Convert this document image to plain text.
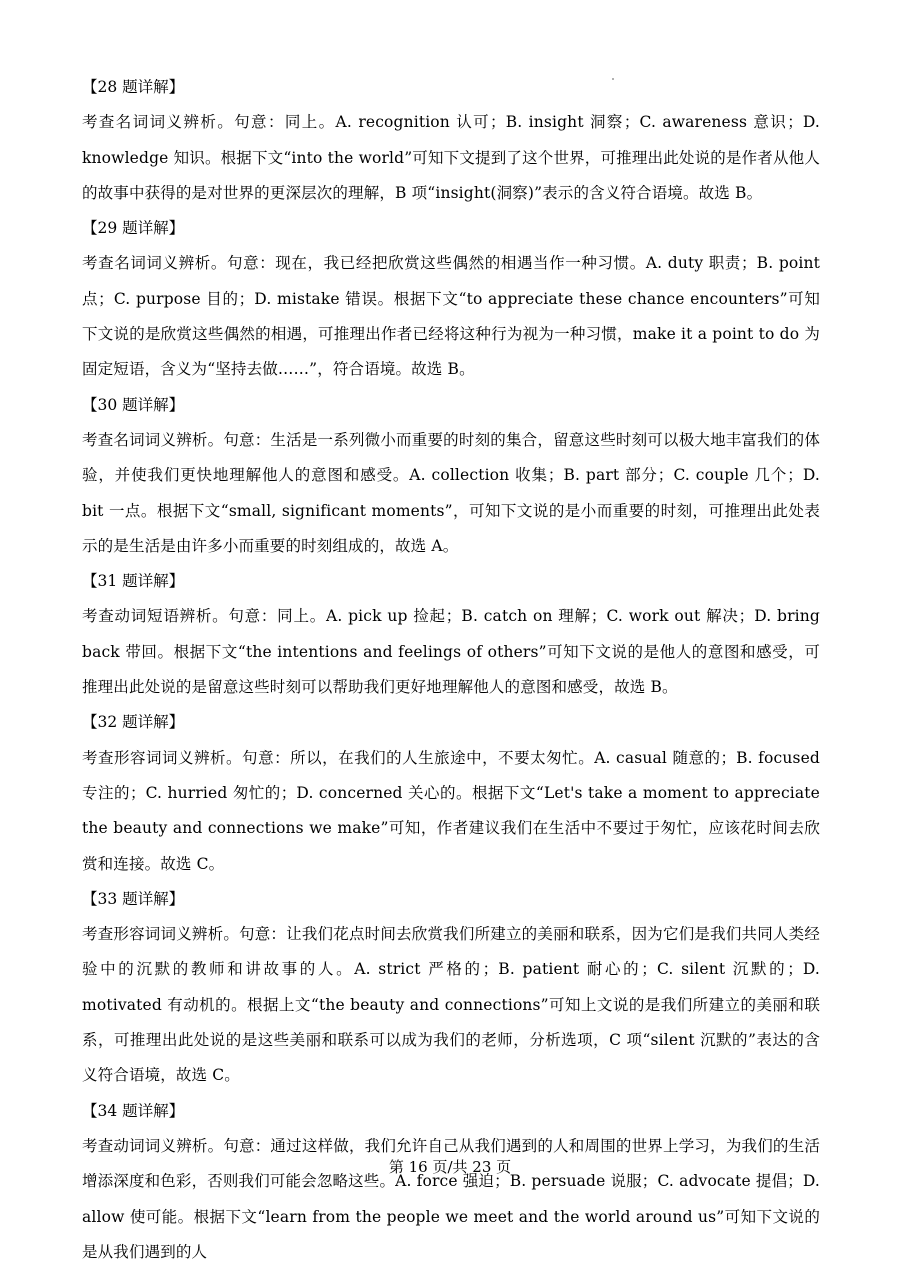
【28 题详解】

考查名词词义辨析。句意：同上。A. recognition 认可；B. insight 洞察；C. awareness 意识；D. knowledge 知识。根据下文“into the world”可知下文提到了这个世界，可推理出此处说的是作者从他人的故事中获得的是对世界的更深层次的理解，B 项“insight(洞察)”表示的含义符合语境。故选 B。

【29 题详解】

考查名词词义辨析。句意：现在，我已经把欣赏这些偶然的相遇当作一种习惯。A. duty 职责；B. point 点；C. purpose 目的；D. mistake 错误。根据下文“to appreciate these chance encounters”可知下文说的是欣赏这些偶然的相遇，可推理出作者已经将这种行为视为一种习惯，make it a point to do 为固定短语，含义为“坚持去做……”，符合语境。故选 B。

【30 题详解】

考查名词词义辨析。句意：生活是一系列微小而重要的时刻的集合，留意这些时刻可以极大地丰富我们的体验，并使我们更快地理解他人的意图和感受。A. collection 收集；B. part 部分；C. couple 几个；D. bit 一点。根据下文“small, significant moments”，可知下文说的是小而重要的时刻，可推理出此处表示的是生活是由许多小而重要的时刻组成的，故选 A。

【31 题详解】

考查动词短语辨析。句意：同上。A. pick up 捡起；B. catch on 理解；C. work out 解决；D. bring back 带回。根据下文“the intentions and feelings of others”可知下文说的是他人的意图和感受，可推理出此处说的是留意这些时刻可以帮助我们更好地理解他人的意图和感受，故选 B。

【32 题详解】

考查形容词词义辨析。句意：所以，在我们的人生旅途中，不要太匆忙。A. casual 随意的；B. focused 专注的；C. hurried 匆忙的；D. concerned 关心的。根据下文“Let's take a moment to appreciate the beauty and connections we make”可知，作者建议我们在生活中不要过于匆忙，应该花时间去欣赏和连接。故选 C。

【33 题详解】

考查形容词词义辨析。句意：让我们花点时间去欣赏我们所建立的美丽和联系，因为它们是我们共同人类经验中的沉默的教师和讲故事的人。A. strict 严格的；B. patient 耐心的；C. silent 沉默的；D. motivated 有动机的。根据上文“the beauty and connections”可知上文说的是我们所建立的美丽和联系，可推理出此处说的是这些美丽和联系可以成为我们的老师，分析选项，C 项“silent 沉默的”表达的含义符合语境，故选 C。

【34 题详解】

考查动词词义辨析。句意：通过这样做，我们允许自己从我们遇到的人和周围的世界上学习，为我们的生活增添深度和色彩，否则我们可能会忽略这些。A. force 强迫；B. persuade 说服；C. advocate 提倡；D. allow 使可能。根据下文“learn from the people we meet and the world around us”可知下文说的是从我们遇到的人

第 16 页/共 23 页
